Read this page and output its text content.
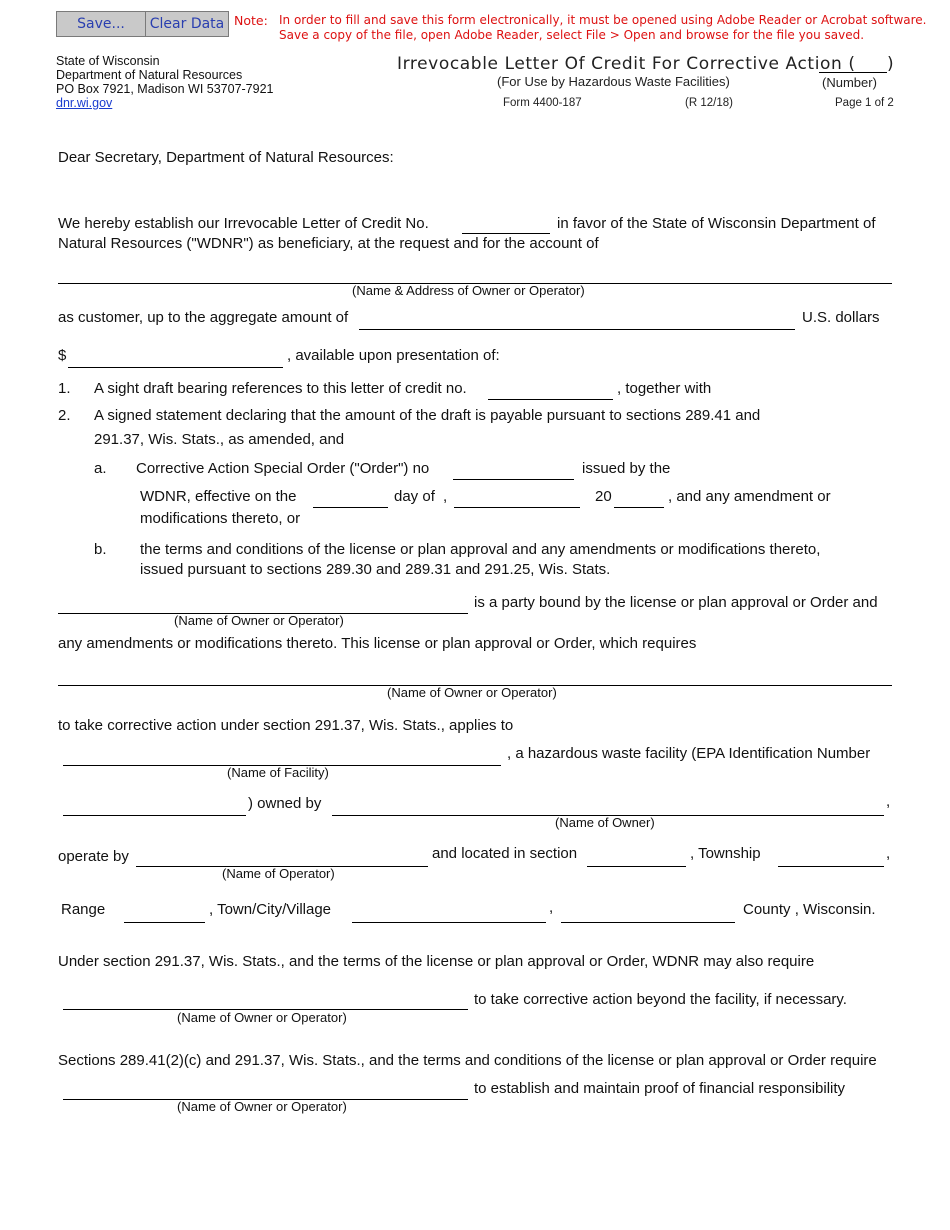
Save...	Clear Data Note: In order to fill and save this form electronically, it must be opened using Adobe Reader or Acrobat software.
Save a copy of the file, open Adobe Reader, select File > Open and browse for the file you saved.
State of Wisconsin
Department of Natural Resources
PO Box 7921, Madison WI 53707-7921
dnr.wi.gov
Irrevocable Letter Of Credit For Corrective Action ( )
(For Use by Hazardous Waste Facilities)	(Number)
Form 4400-187	(R 12/18)	Page 1 of 2
Dear Secretary, Department of Natural Resources:
We hereby establish our Irrevocable Letter of Credit No.	in favor of the State of Wisconsin Department of
Natural Resources ("WDNR") as beneficiary, at the request and for the account of
(Name & Address of Owner or Operator)
as customer, up to the aggregate amount of	U.S. dollars
$	, available upon presentation of:
1. A sight draft bearing references to this letter of credit no.	, together with
2. A signed statement declaring that the amount of the draft is payable pursuant to sections 289.41 and
291.37, Wis. Stats., as amended, and
a. Corrective Action Special Order ("Order") no	issued by the
WDNR, effective on the	day of ,	20	, and any amendment or
modifications thereto, or
b. the terms and conditions of the license or plan approval and any amendments or modifications thereto,
issued pursuant to sections 289.30 and 289.31 and 291.25, Wis. Stats.
is a party bound by the license or plan approval or Order and
(Name of Owner or Operator)
any amendments or modifications thereto. This license or plan approval or Order, which requires
(Name of Owner or Operator)
to take corrective action under section 291.37, Wis. Stats., applies to
, a hazardous waste facility (EPA Identification Number
(Name of Facility)
) owned by	,
(Name of Owner)
operate by	and located in section	, Township	,
(Name of Operator)
Range	, Town/City/Village	,	County , Wisconsin.
Under section 291.37, Wis. Stats., and the terms of the license or plan approval or Order, WDNR may also require
to take corrective action beyond the facility, if necessary.
(Name of Owner or Operator)
Sections 289.41(2)(c) and 291.37, Wis. Stats., and the terms and conditions of the license or plan approval or Order require
to establish and maintain proof of financial responsibility
(Name of Owner or Operator)
